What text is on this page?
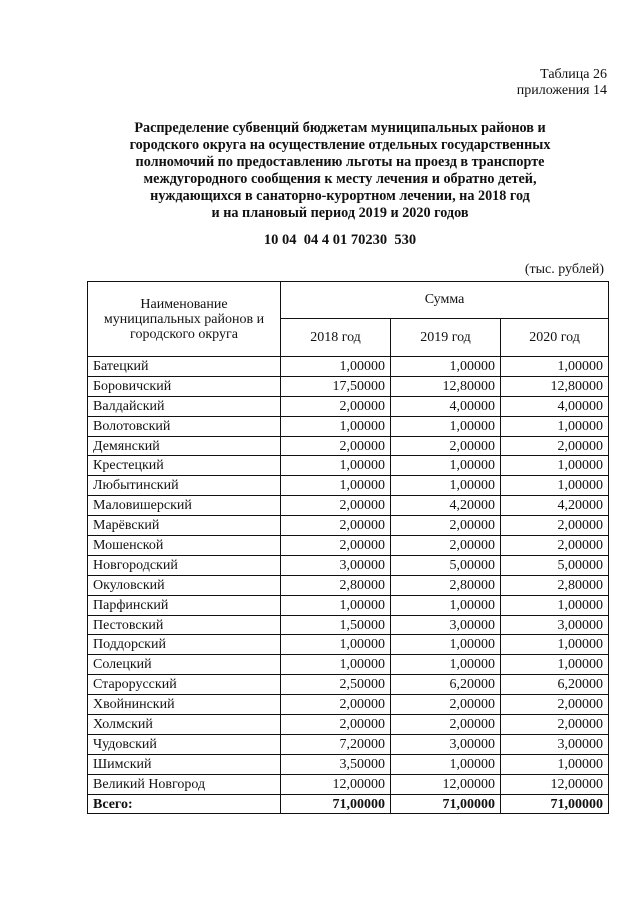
Таблица 26
приложения 14
Распределение субвенций бюджетам муниципальных районов и
городского округа на осуществление отдельных государственных
полномочий по предоставлению льготы на проезд в транспорте
междугородного сообщения к месту лечения и обратно детей,
нуждающихся в санаторно-курортном лечении, на 2018 год
и на плановый период 2019 и 2020 годов
10 04  04 4 01 70230  530
(тыс. рублей)
Наименование муниципальных районов и городского округа	Сумма		
	2018 год	2019 год	2020 год
Батецкий	1,00000	1,00000	1,00000
Боровичский	17,50000	12,80000	12,80000
Валдайский	2,00000	4,00000	4,00000
Волотовский	1,00000	1,00000	1,00000
Демянский	2,00000	2,00000	2,00000
Крестецкий	1,00000	1,00000	1,00000
Любытинский	1,00000	1,00000	1,00000
Маловишерский	2,00000	4,20000	4,20000
Марёвский	2,00000	2,00000	2,00000
Мошенской	2,00000	2,00000	2,00000
Новгородский	3,00000	5,00000	5,00000
Окуловский	2,80000	2,80000	2,80000
Парфинский	1,00000	1,00000	1,00000
Пестовский	1,50000	3,00000	3,00000
Поддорский	1,00000	1,00000	1,00000
Солецкий	1,00000	1,00000	1,00000
Старорусский	2,50000	6,20000	6,20000
Хвойнинский	2,00000	2,00000	2,00000
Холмский	2,00000	2,00000	2,00000
Чудовский	7,20000	3,00000	3,00000
Шимский	3,50000	1,00000	1,00000
Великий Новгород	12,00000	12,00000	12,00000
Всего:	71,00000	71,00000	71,00000
